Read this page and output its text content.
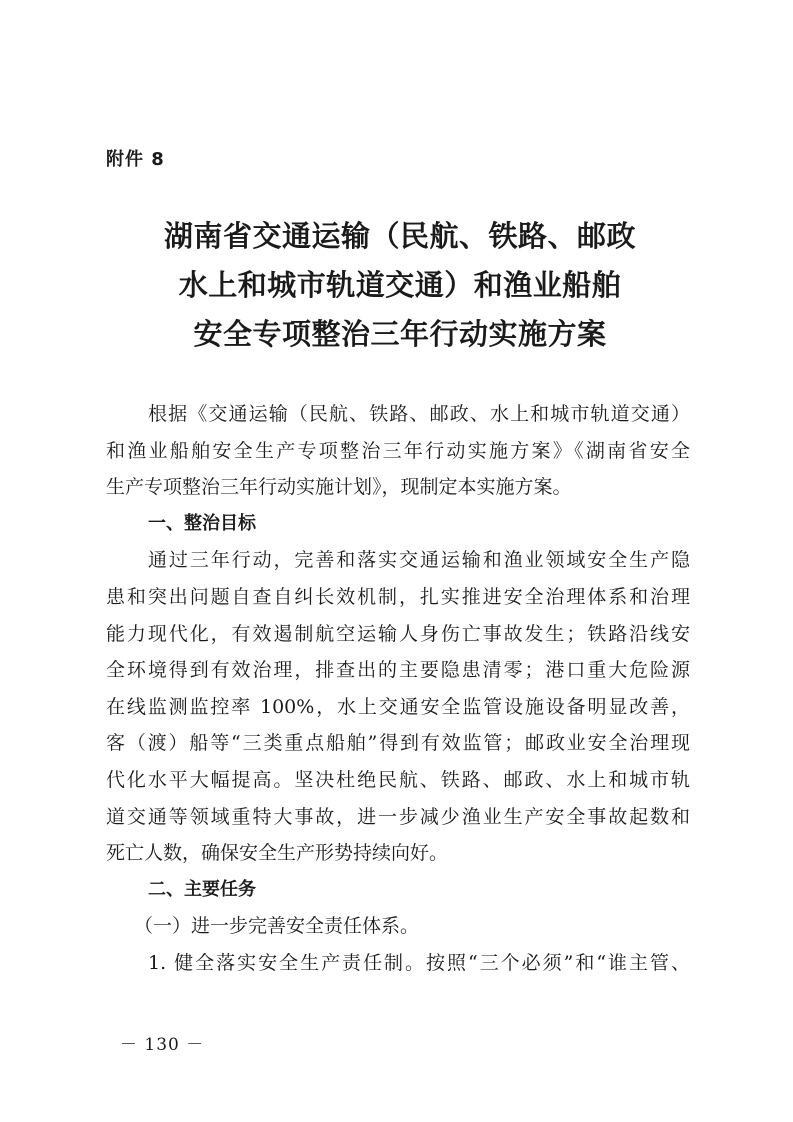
附件 8
湖南省交通运输（民航、铁路、邮政
水上和城市轨道交通）和渔业船舶
安全专项整治三年行动实施方案
根据《交通运输（民航、铁路、邮政、水上和城市轨道交通）
和渔业船舶安全生产专项整治三年行动实施方案》《湖南省安全
生产专项整治三年行动实施计划》，现制定本实施方案。
一、整治目标
通过三年行动，完善和落实交通运输和渔业领域安全生产隐
患和突出问题自查自纠长效机制，扎实推进安全治理体系和治理
能力现代化，有效遏制航空运输人身伤亡事故发生；铁路沿线安
全环境得到有效治理，排查出的主要隐患清零；港口重大危险源
在线监测监控率 100%，水上交通安全监管设施设备明显改善，
客（渡）船等“三类重点船舶”得到有效监管；邮政业安全治理现
代化水平大幅提高。坚决杜绝民航、铁路、邮政、水上和城市轨
道交通等领域重特大事故，进一步减少渔业生产安全事故起数和
死亡人数，确保安全生产形势持续向好。
二、主要任务
（一）进一步完善安全责任体系。
1. 健全落实安全生产责任制。按照“三个必须”和“谁主管、
－ 130 －
